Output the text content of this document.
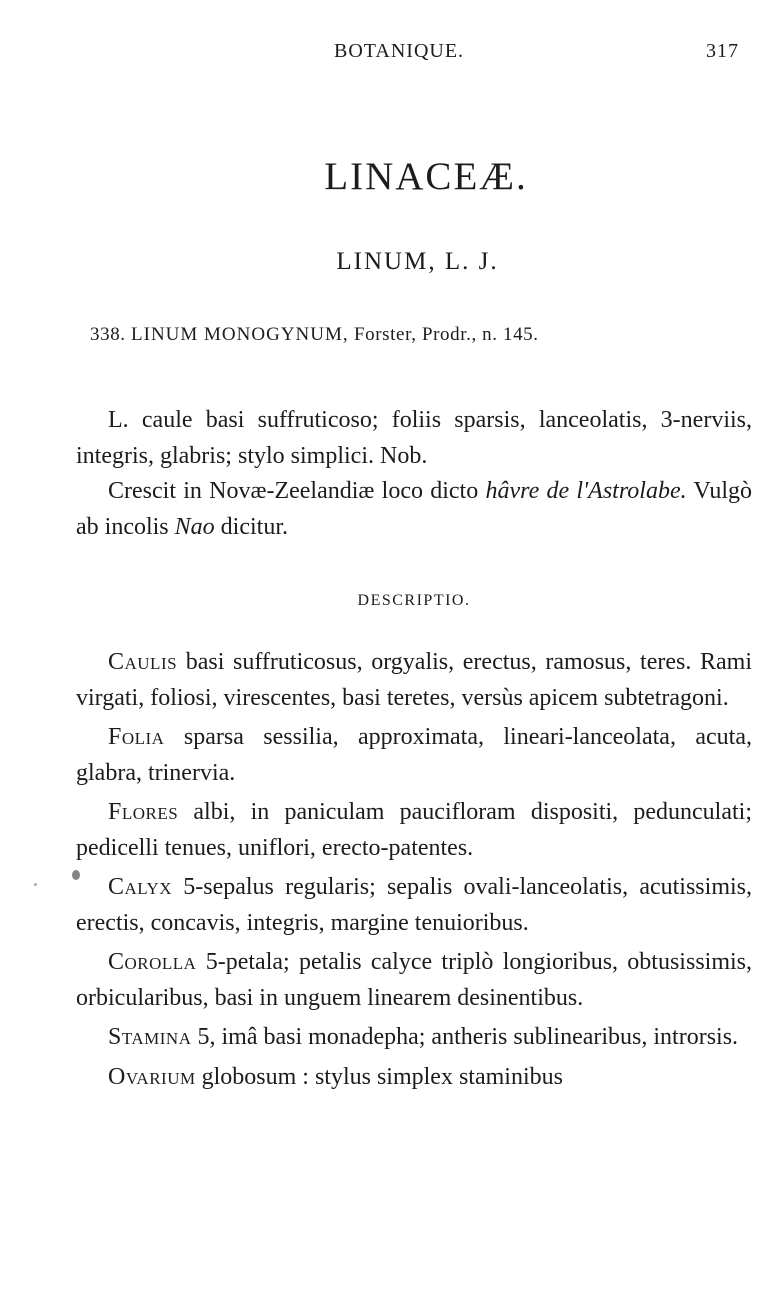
BOTANIQUE.	317
LINACEÆ.
LINUM, L. J.
338. LINUM MONOGYNUM, Forster, Prodr., n. 145.

L. caule basi suffruticoso; foliis sparsis, lanceolatis, 3-nerviis, integris, glabris; stylo simplici. Nob.

Crescit in Novæ-Zeelandiæ loco dicto hâvre de l'Astrolabe. Vulgò ab incolis Nao dicitur.

DESCRIPTIO.

Caulis basi suffruticosus, orgyalis, erectus, ramosus, teres. Rami virgati, foliosi, virescentes, basi teretes, versùs apicem subtetragoni.

Folia sparsa sessilia, approximata, lineari-lanceolata, acuta, glabra, trinervia.

Flores albi, in paniculam paucifloram dispositi, pedunculati; pedicelli tenues, uniflori, erecto-patentes.

Calyx 5-sepalus regularis; sepalis ovali-lanceolatis, acutissimis, erectis, concavis, integris, margine tenuioribus.

Corolla 5-petala; petalis calyce triplò longioribus, obtusissimis, orbicularibus, basi in unguem linearem desinentibus.

Stamina 5, imâ basi monadepha; antheris sublinearibus, introrsis.

Ovarium globosum : stylus simplex staminibus
